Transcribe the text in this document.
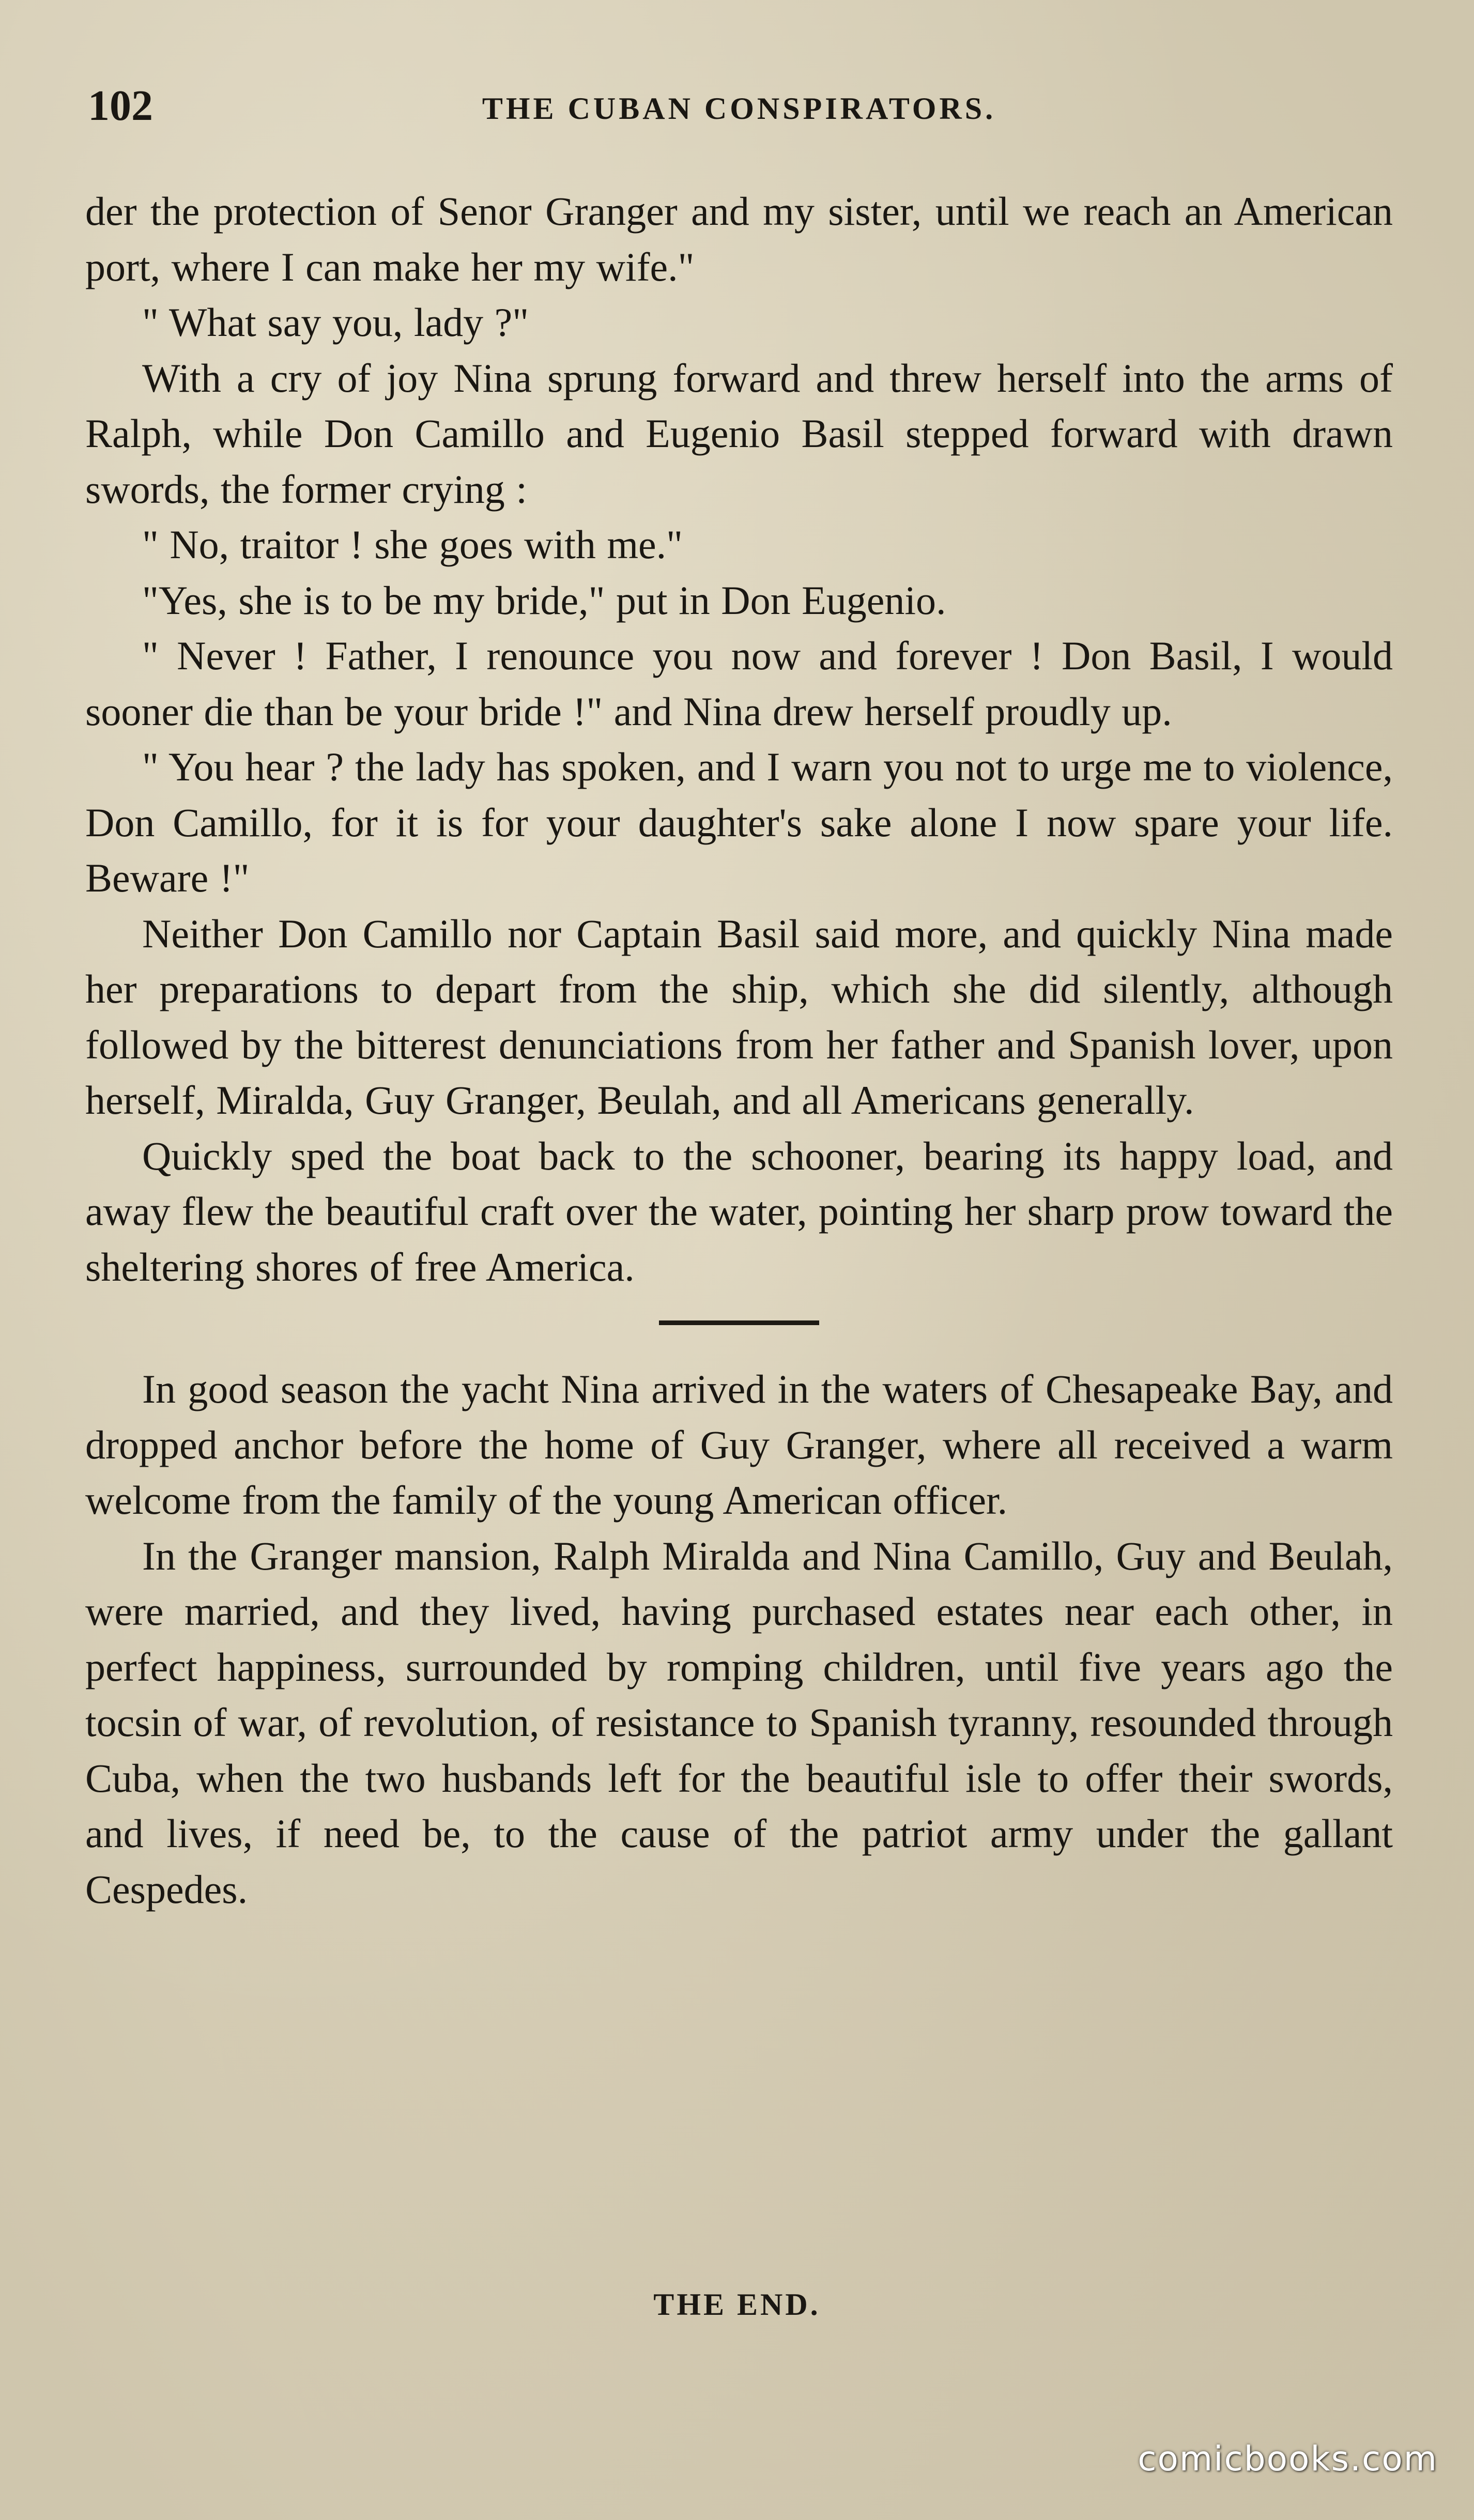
102	THE CUBAN CONSPIRATORS.

der the protection of Senor Granger and my sister, until we reach an American port, where I can make her my wife."

" What say you, lady ?"

With a cry of joy Nina sprung forward and threw herself into the arms of Ralph, while Don Camillo and Eugenio Basil stepped forward with drawn swords, the former crying :

" No, traitor ! she goes with me."

"Yes, she is to be my bride," put in Don Eugenio.

" Never ! Father, I renounce you now and forever ! Don Basil, I would sooner die than be your bride !" and Nina drew herself proudly up.

" You hear ? the lady has spoken, and I warn you not to urge me to violence, Don Camillo, for it is for your daughter's sake alone I now spare your life. Beware !"

Neither Don Camillo nor Captain Basil said more, and quickly Nina made her preparations to depart from the ship, which she did silently, although followed by the bitterest denunciations from her father and Spanish lover, upon herself, Miralda, Guy Granger, Beulah, and all Americans generally.

Quickly sped the boat back to the schooner, bearing its happy load, and away flew the beautiful craft over the water, pointing her sharp prow toward the sheltering shores of free America.

In good season the yacht Nina arrived in the waters of Chesapeake Bay, and dropped anchor before the home of Guy Granger, where all received a warm welcome from the family of the young American officer.

In the Granger mansion, Ralph Miralda and Nina Camillo, Guy and Beulah, were married, and they lived, having purchased estates near each other, in perfect happiness, surrounded by romping children, until five years ago the tocsin of war, of revolution, of resistance to Spanish tyranny, resounded through Cuba, when the two husbands left for the beautiful isle to offer their swords, and lives, if need be, to the cause of the patriot army under the gallant Cespedes.

THE END.
comicbooks.com
